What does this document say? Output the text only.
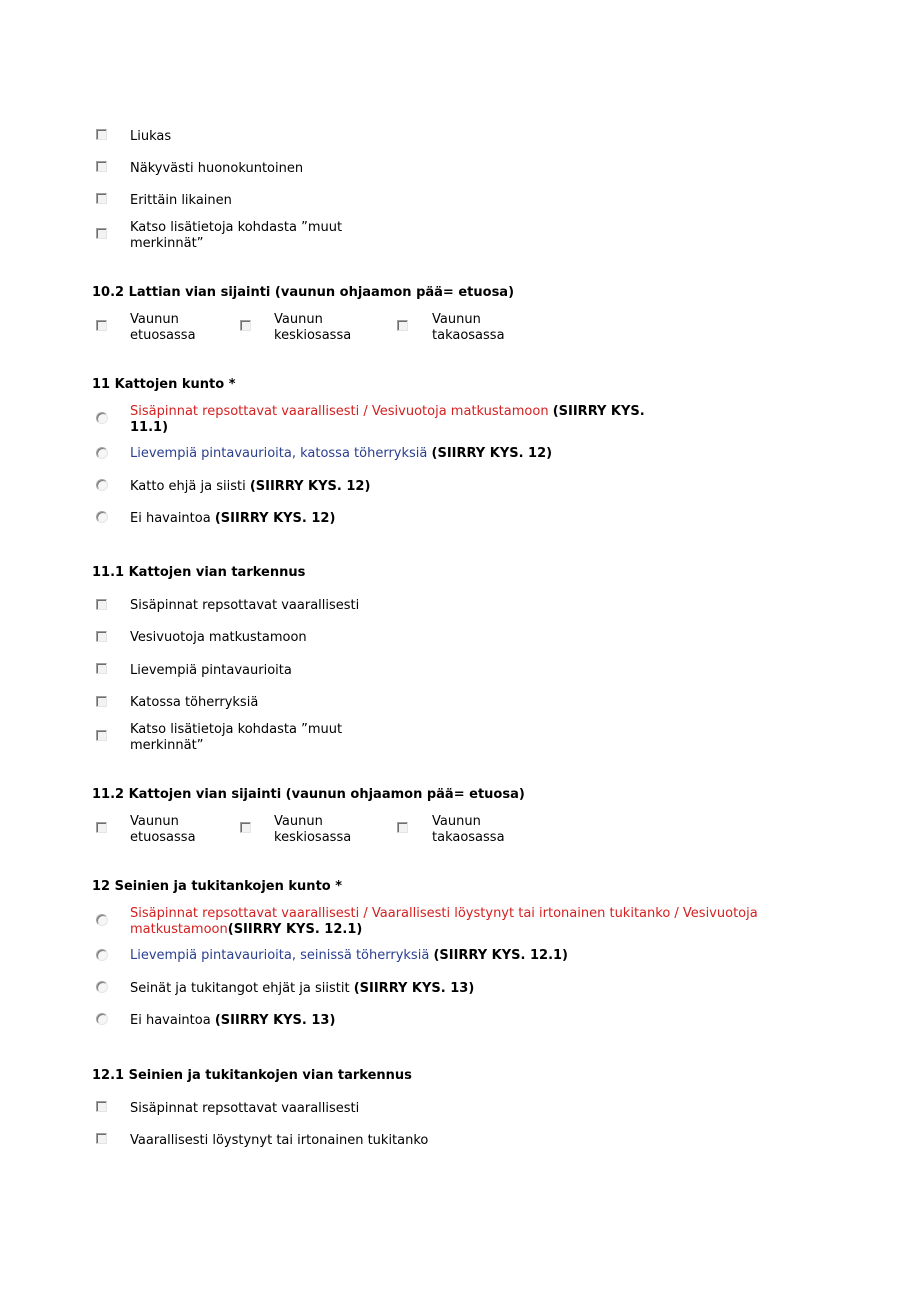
Liukas
Näkyvästi huonokuntoinen
Erittäin likainen
Katso lisätietoja kohdasta ”muut
merkinnät”
10.2 Lattian vian sijainti (vaunun ohjaamon pää= etuosa)
Vaunun
etuosassa
Vaunun
keskiosassa
Vaunun
takaosassa
11 Kattojen kunto *
Sisäpinnat repsottavat vaarallisesti / Vesivuotoja matkustamoon (SIIRRY KYS.
11.1)
Lievempiä pintavaurioita, katossa töherryksiä (SIIRRY KYS. 12)
Katto ehjä ja siisti (SIIRRY KYS. 12)
Ei havaintoa (SIIRRY KYS. 12)
11.1 Kattojen vian tarkennus
Sisäpinnat repsottavat vaarallisesti
Vesivuotoja matkustamoon
Lievempiä pintavaurioita
Katossa töherryksiä
Katso lisätietoja kohdasta ”muut
merkinnät”
11.2 Kattojen vian sijainti (vaunun ohjaamon pää= etuosa)
Vaunun
etuosassa
Vaunun
keskiosassa
Vaunun
takaosassa
12 Seinien ja tukitankojen kunto *
Sisäpinnat repsottavat vaarallisesti / Vaarallisesti löystynyt tai irtonainen tukitanko / Vesivuotoja
matkustamoon(SIIRRY KYS. 12.1)
Lievempiä pintavaurioita, seinissä töherryksiä (SIIRRY KYS. 12.1)
Seinät ja tukitangot ehjät ja siistit (SIIRRY KYS. 13)
Ei havaintoa (SIIRRY KYS. 13)
12.1 Seinien ja tukitankojen vian tarkennus
Sisäpinnat repsottavat vaarallisesti
Vaarallisesti löystynyt tai irtonainen tukitanko
